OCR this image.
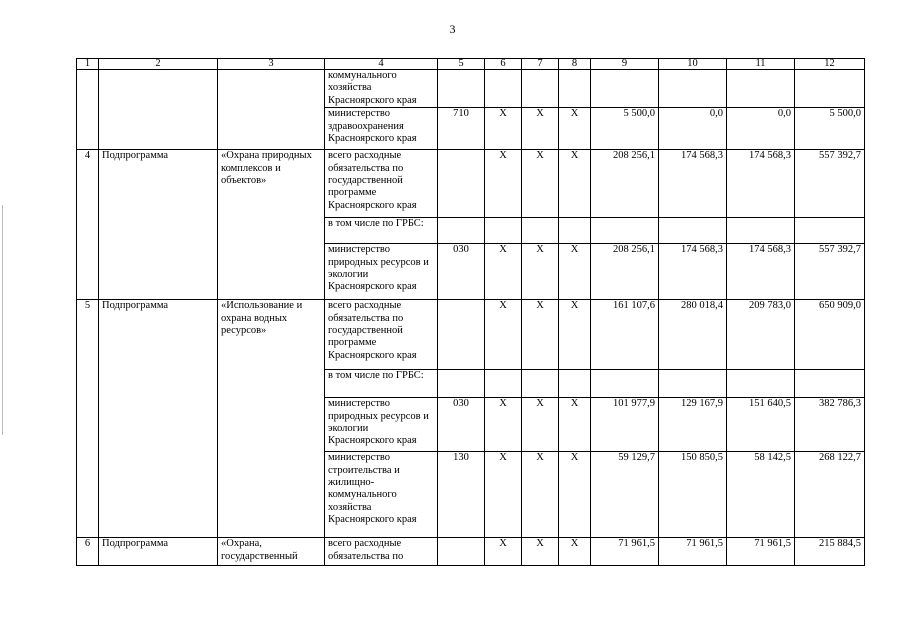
3
1	2	3	4	5	6	7	8	9	10	11	12
			коммунального хозяйства Красноярского края								
			министерство здравоохранения Красноярского края	710	X	X	X	5 500,0	0,0	0,0	5 500,0
4	Подпрограмма	«Охрана природных комплексов и объектов»	всего расходные обязательства по государственной программе Красноярского края		X	X	X	208 256,1	174 568,3	174 568,3	557 392,7
			в том числе по ГРБС:								
			министерство природных ресурсов и экологии Красноярского края	030	X	X	X	208 256,1	174 568,3	174 568,3	557 392,7
5	Подпрограмма	«Использование и охрана водных ресурсов»	всего расходные обязательства по государственной программе Красноярского края		X	X	X	161 107,6	280 018,4	209 783,0	650 909,0
			в том числе по ГРБС:								
			министерство природных ресурсов и экологии Красноярского края	030	X	X	X	101 977,9	129 167,9	151 640,5	382 786,3
			министерство строительства и жилищно-коммунального хозяйства Красноярского края	130	X	X	X	59 129,7	150 850,5	58 142,5	268 122,7
6	Подпрограмма	«Охрана, государственный	всего расходные обязательства по		X	X	X	71 961,5	71 961,5	71 961,5	215 884,5
